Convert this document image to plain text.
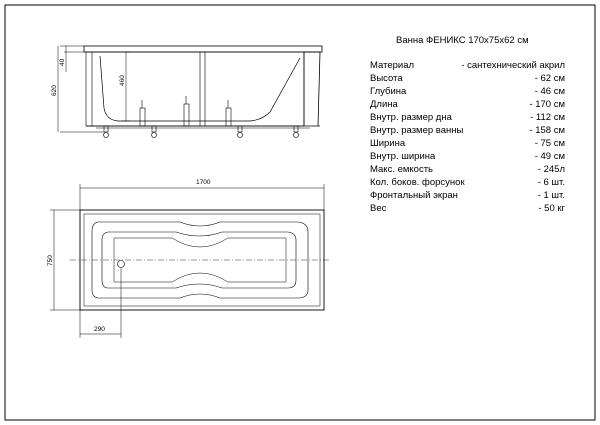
620
40
460
1700
750
290
Ванна ФЕНИКС 170х75х62 см
Материал	- сантехнический акрил
Высота	- 62 см
Глубина	- 46 см
Длина	- 170 см
Внутр. размер дна	- 112 см
Внутр. размер ванны	- 158 см
Ширина	- 75 см
Внутр. ширина	- 49 см
Макс. емкость	- 245л
Кол. боков. форсунок	- 6 шт.
Фронтальный экран	- 1 шт.
Вес	- 50 кг
